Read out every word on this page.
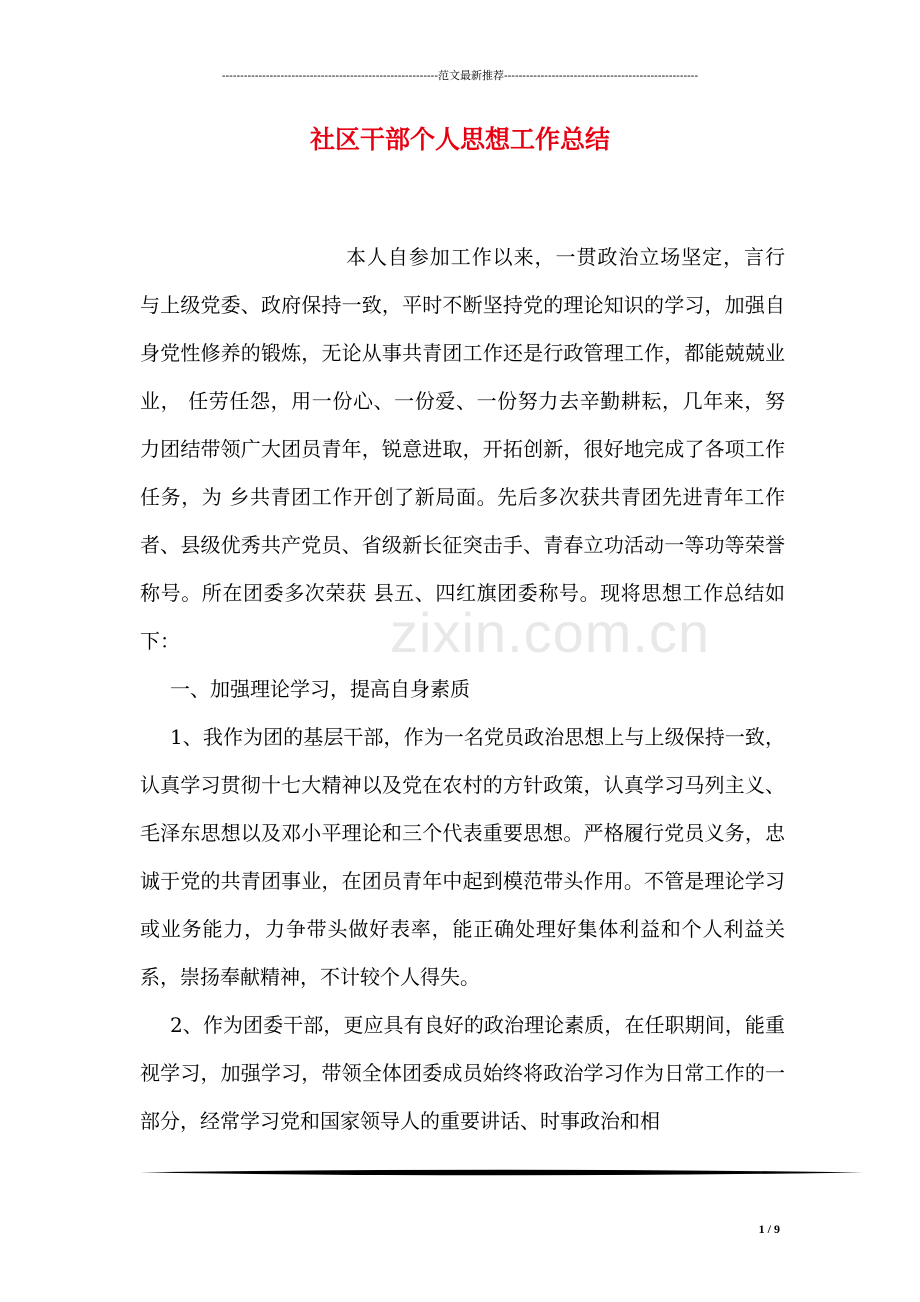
-----------------------------------------------------------范文最新推荐-----------------------------------------------------
社区干部个人思想工作总结

本人自参加工作以来，一贯政治立场坚定，言行与上级党委、政府保持一致，平时不断坚持党的理论知识的学习，加强自身党性修养的锻炼，无论从事共青团工作还是行政管理工作，都能兢兢业业， 任劳任怨，用一份心、一份爱、一份努力去辛勤耕耘，几年来，努力团结带领广大团员青年，锐意进取，开拓创新，很好地完成了各项工作任务，为 乡共青团工作开创了新局面。先后多次获共青团先进青年工作者、县级优秀共产党员、省级新长征突击手、青春立功活动一等功等荣誉称号。所在团委多次荣获 县五、四红旗团委称号。现将思想工作总结如下：

一、加强理论学习，提高自身素质

1、我作为团的基层干部，作为一名党员政治思想上与上级保持一致，认真学习贯彻十七大精神以及党在农村的方针政策，认真学习马列主义、毛泽东思想以及邓小平理论和三个代表重要思想。严格履行党员义务，忠诚于党的共青团事业，在团员青年中起到模范带头作用。不管是理论学习或业务能力，力争带头做好表率，能正确处理好集体利益和个人利益关系，崇扬奉献精神，不计较个人得失。

2、作为团委干部，更应具有良好的政治理论素质，在任职期间，能重视学习，加强学习，带领全体团委成员始终将政治学习作为日常工作的一部分，经常学习党和国家领导人的重要讲话、时事政治和相

zixin.com.cn
1 / 9
